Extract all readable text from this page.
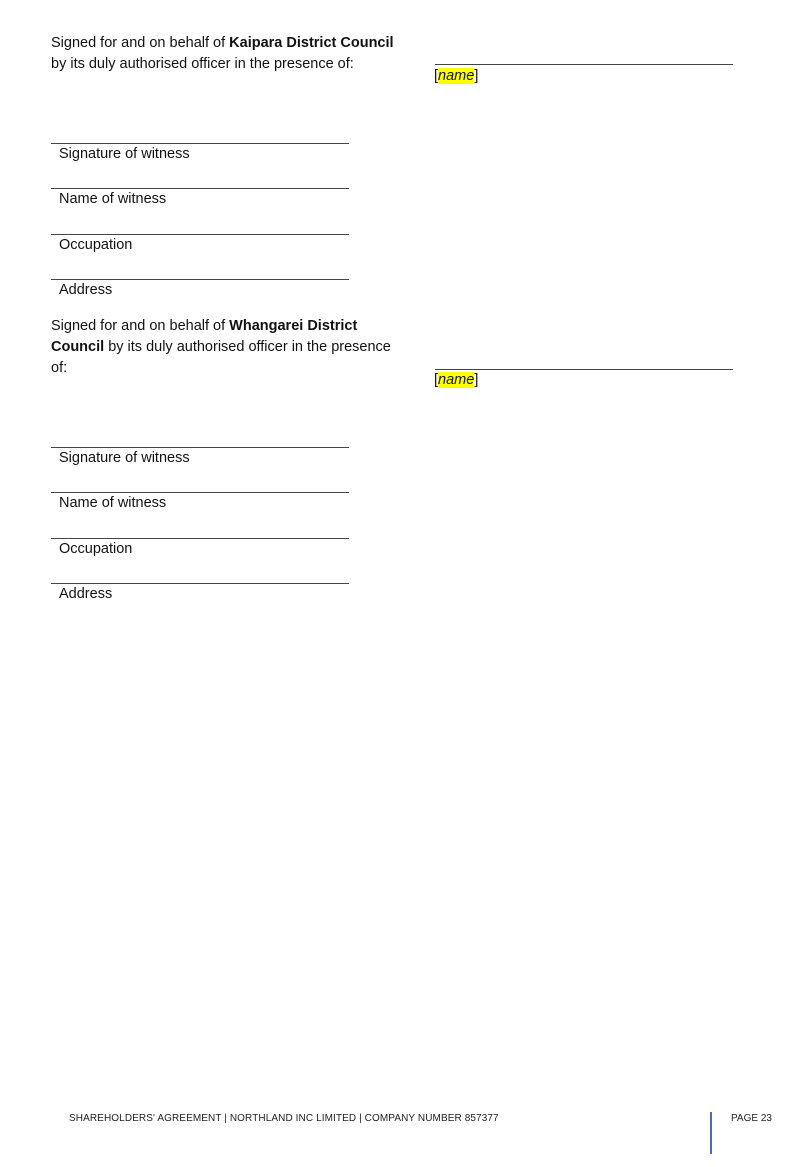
Signed for and on behalf of Kaipara District Council by its duly authorised officer in the presence of:
[name]
Signature of witness
Name of witness
Occupation
Address
Signed for and on behalf of Whangarei District Council by its duly authorised officer in the presence of:
[name]
Signature of witness
Name of witness
Occupation
Address
SHAREHOLDERS' AGREEMENT | NORTHLAND INC LIMITED | COMPANY NUMBER 857377	PAGE 23
